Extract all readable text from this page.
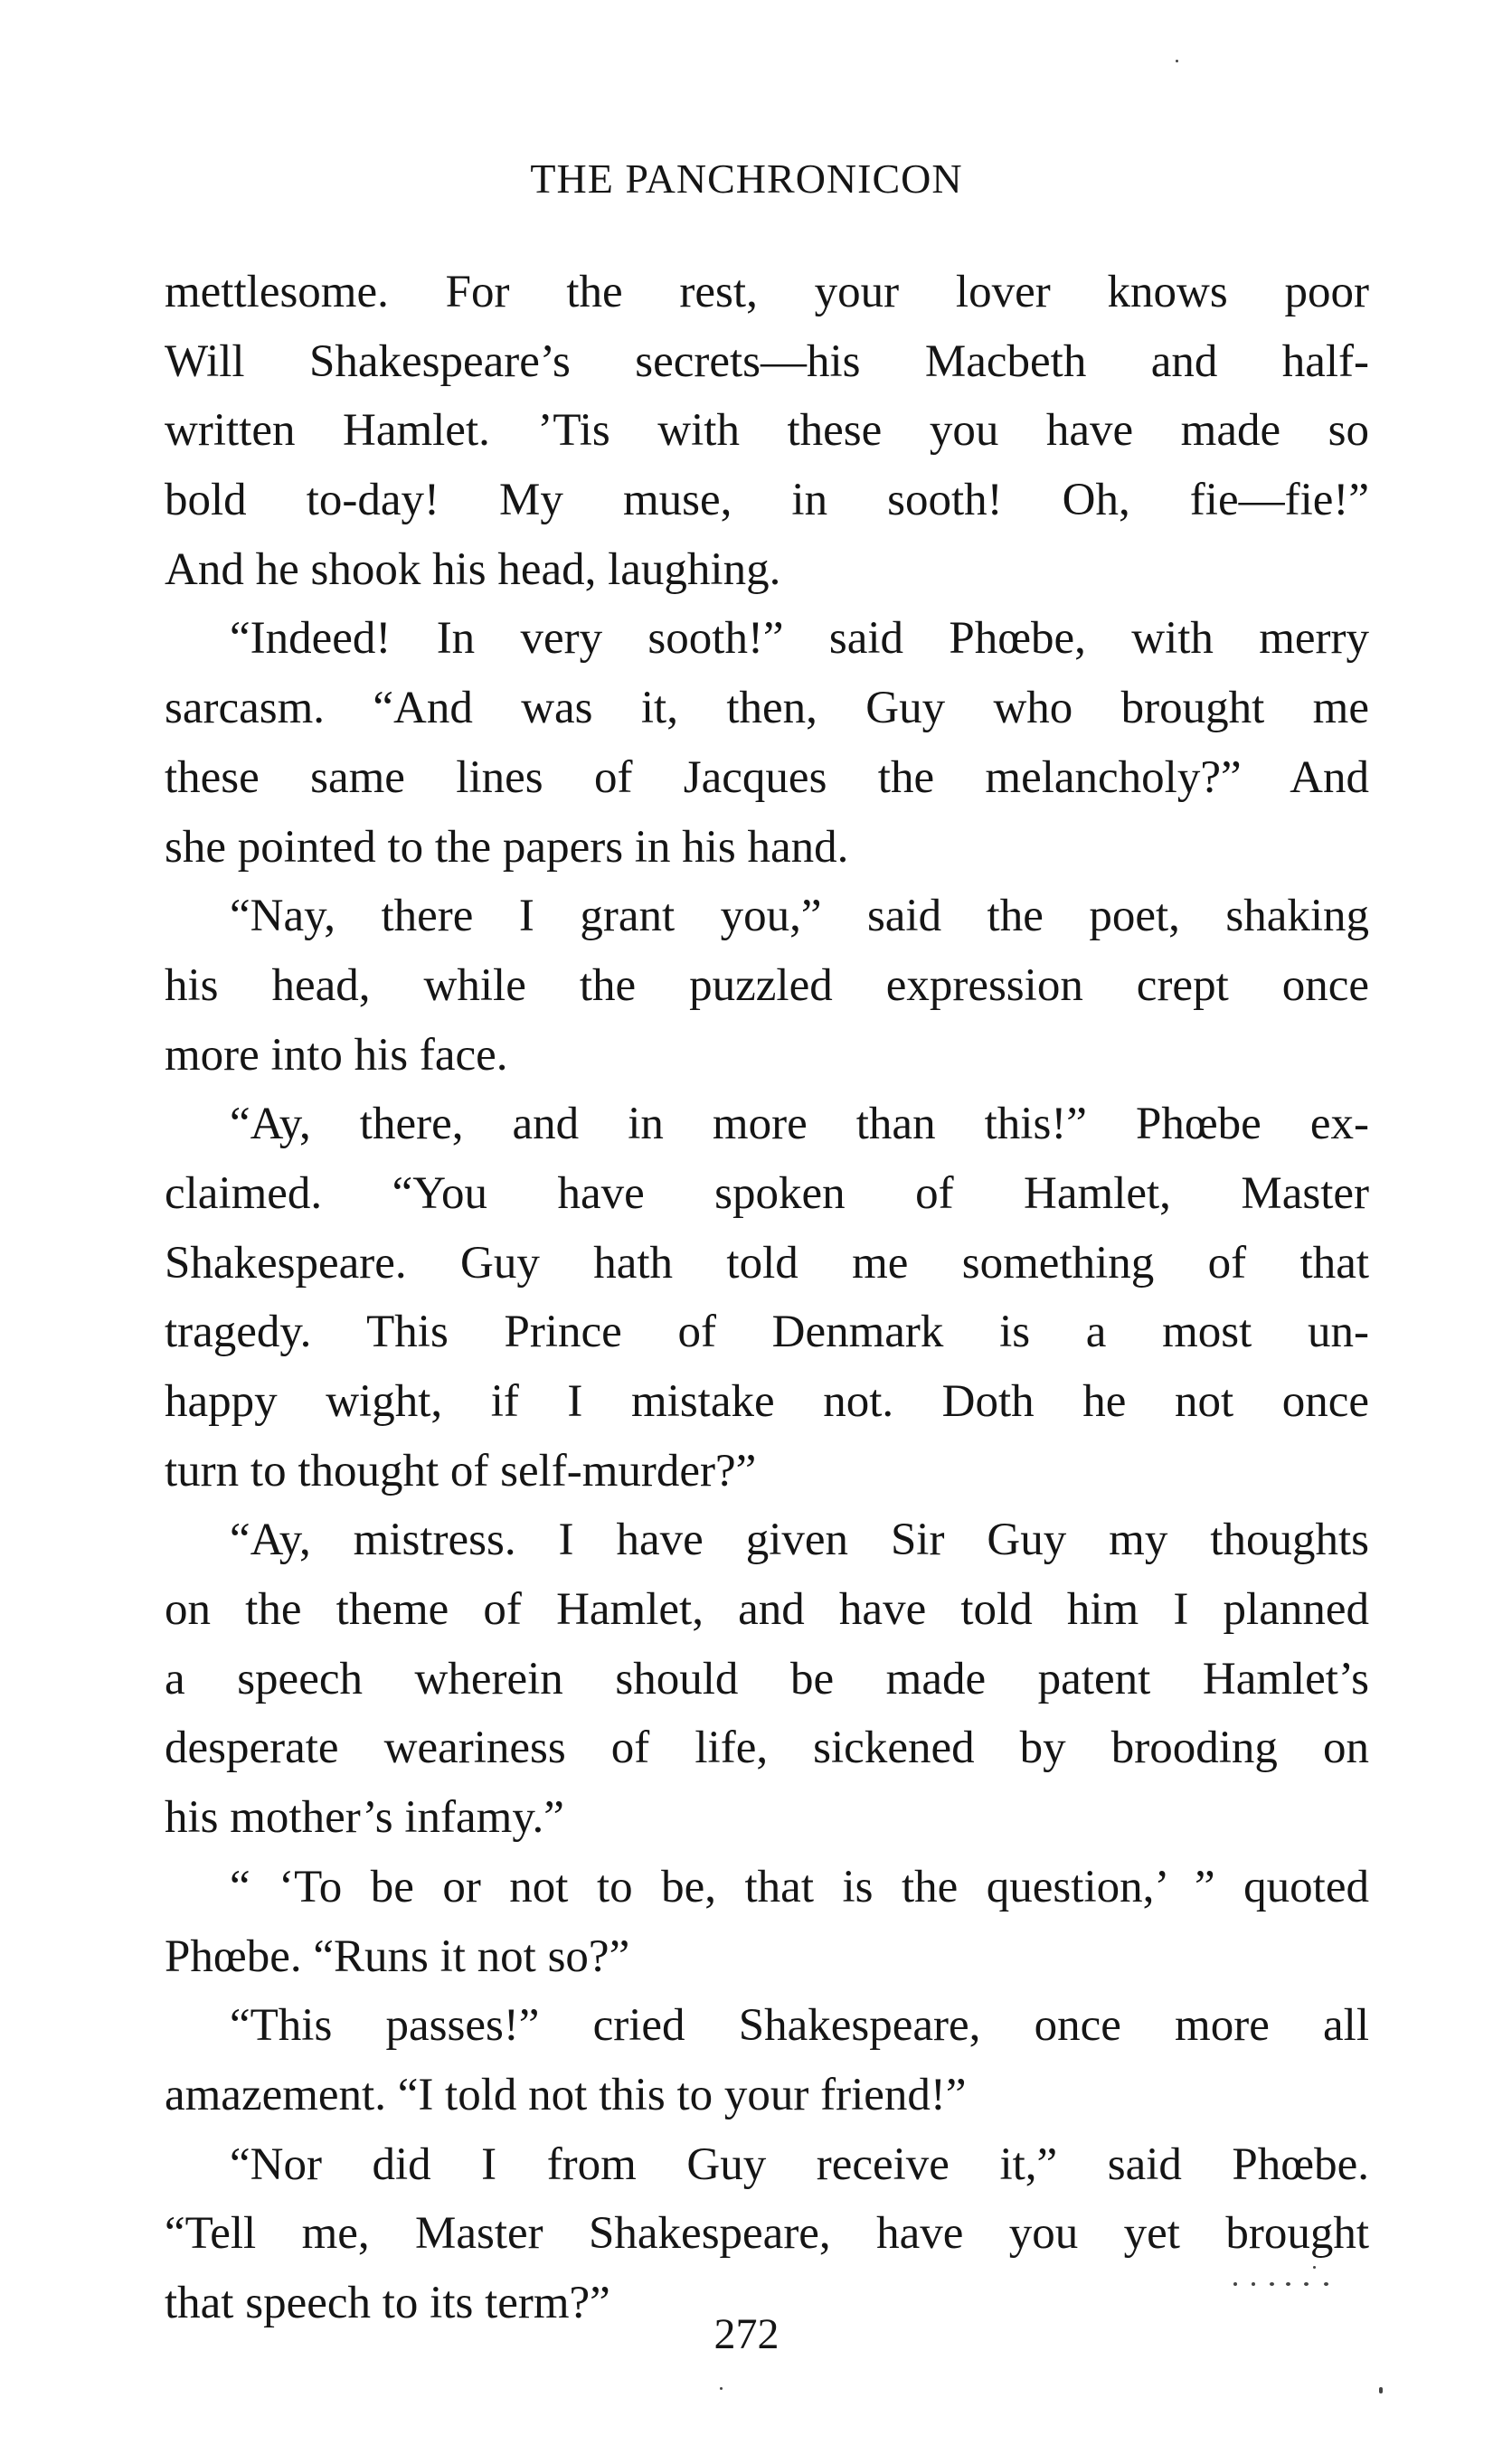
THE PANCHRONICON
mettlesome. For the rest, your lover knows poor
Will Shakespeare’s secrets—his Macbeth and half-
written Hamlet. ’Tis with these you have made so
bold to-day! My muse, in sooth! Oh, fie—fie!”
And he shook his head, laughing.
“Indeed! In very sooth!” said Phœbe, with merry
sarcasm. “And was it, then, Guy who brought me
these same lines of Jacques the melancholy?” And
she pointed to the papers in his hand.
“Nay, there I grant you,” said the poet, shaking
his head, while the puzzled expression crept once
more into his face.
“Ay, there, and in more than this!” Phœbe ex-
claimed. “You have spoken of Hamlet, Master
Shakespeare. Guy hath told me something of that
tragedy. This Prince of Denmark is a most un-
happy wight, if I mistake not. Doth he not once
turn to thought of self-murder?”
“Ay, mistress. I have given Sir Guy my thoughts
on the theme of Hamlet, and have told him I planned
a speech wherein should be made patent Hamlet’s
desperate weariness of life, sickened by brooding on
his mother’s infamy.”
“ ‘To be or not to be, that is the question,’ ” quoted
Phœbe. “Runs it not so?”
“This passes!” cried Shakespeare, once more all
amazement. “I told not this to your friend!”
“Nor did I from Guy receive it,” said Phœbe.
“Tell me, Master Shakespeare, have you yet brought
that speech to its term?”
272
